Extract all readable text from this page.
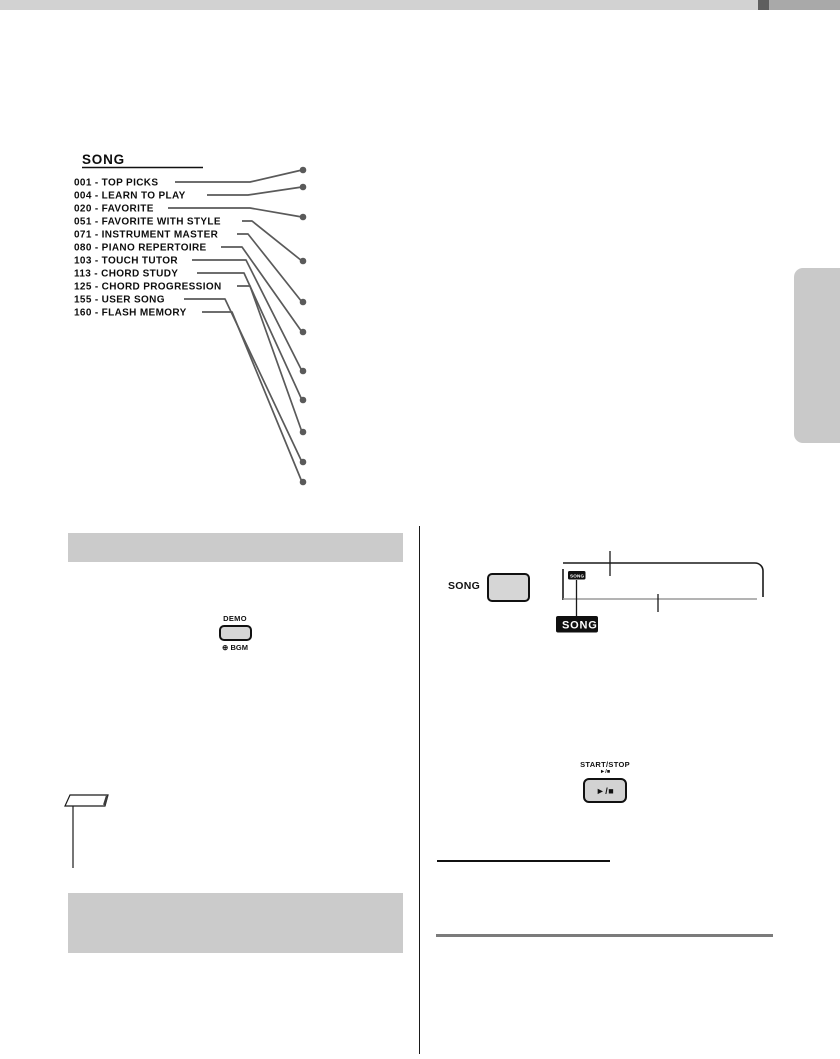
SONG
001 - TOP PICKS
004 - LEARN TO PLAY
020 - FAVORITE
051 - FAVORITE WITH STYLE
071 - INSTRUMENT MASTER
080 - PIANO REPERTOIRE
103 - TOUCH TUTOR
113 - CHORD STUDY
125 - CHORD PROGRESSION
155 - USER SONG
160 - FLASH MEMORY
DEMO
⊕ BGM
SONG
SONG
SONG
START/STOP
►/■
►/■
